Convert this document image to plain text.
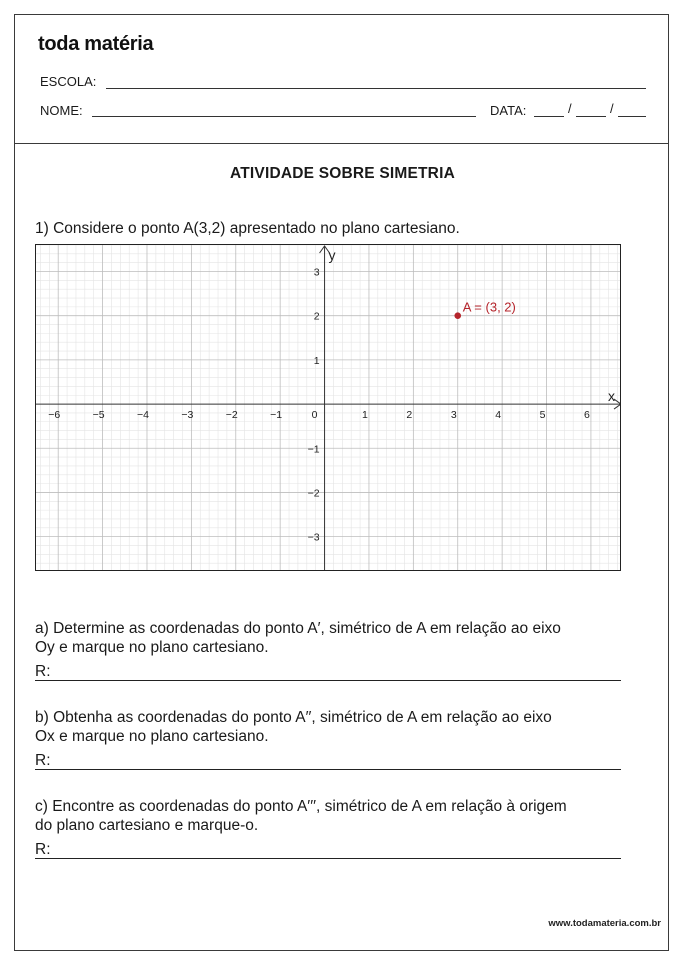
toda matéria
ESCOLA:
NOME:	DATA:	/	/
ATIVIDADE SOBRE SIMETRIA
1) Considere o ponto A(3,2) apresentado no plano cartesiano.
x
y
−6	−5	−4	−3	−2	−1	0	1	2	3	4	5	6
3
2
1
−1
−2
−3
A = (3, 2)
a) Determine as coordenadas do ponto A′, simétrico de A em relação ao eixo
Oy e marque no plano cartesiano.
R:
b) Obtenha as coordenadas do ponto A′′, simétrico de A em relação ao eixo
Ox e marque no plano cartesiano.
R:
c) Encontre as coordenadas do ponto A′′′, simétrico de A em relação à origem
do plano cartesiano e marque-o.
R:
www.todamateria.com.br
